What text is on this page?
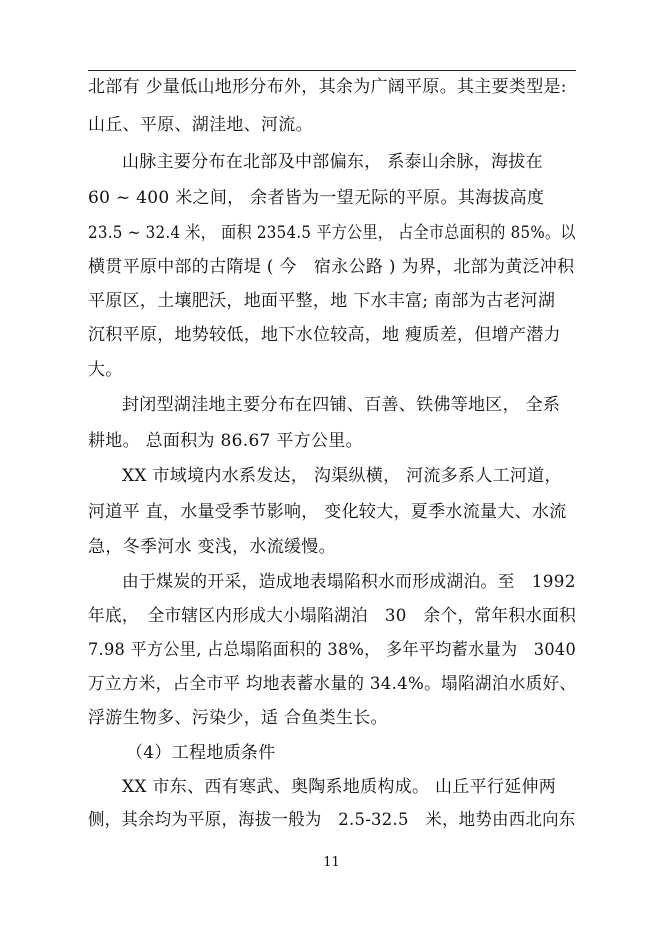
北部有 少量低山地形分布外，其余为广阔平原。其主要类型是:
山丘、平原、湖洼地、河流。
山脉主要分布在北部及中部偏东， 系泰山余脉，海拔在
60 ~ 400 米之间， 余者皆为一望无际的平原。其海拔高度
23.5 ~ 32.4 米， 面积 2354.5 平方公里， 占全市总面积的 85%。以
横贯平原中部的古隋堤 ( 今　宿永公路 ) 为界，北部为黄泛冲积
平原区，土壤肥沃，地面平整，地 下水丰富; 南部为古老河湖
沉积平原，地势较低，地下水位较高，地 瘦质差，但增产潜力
大。
封闭型湖洼地主要分布在四铺、百善、铁佛等地区， 全系
耕地。 总面积为 86.67 平方公里。
XX 市域境内水系发达， 沟渠纵横， 河流多系人工河道，
河道平 直，水量受季节影响， 变化较大，夏季水流量大、水流
急，冬季河水 变浅，水流缓慢。
由于煤炭的开采，造成地表塌陷积水而形成湖泊。至　1992
年底，　全市辖区内形成大小塌陷湖泊　30　余个，常年积水面积
7.98 平方公里, 占总塌陷面积的 38%， 多年平均蓄水量为　3040
万立方米，占全市平 均地表蓄水量的 34.4%。塌陷湖泊水质好、
浮游生物多、污染少，适 合鱼类生长。
（4）工程地质条件
XX 市东、西有寒武、奥陶系地质构成。 山丘平行延伸两
侧，其余均为平原，海拔一般为　2.5-32.5　米，地势由西北向东
11
